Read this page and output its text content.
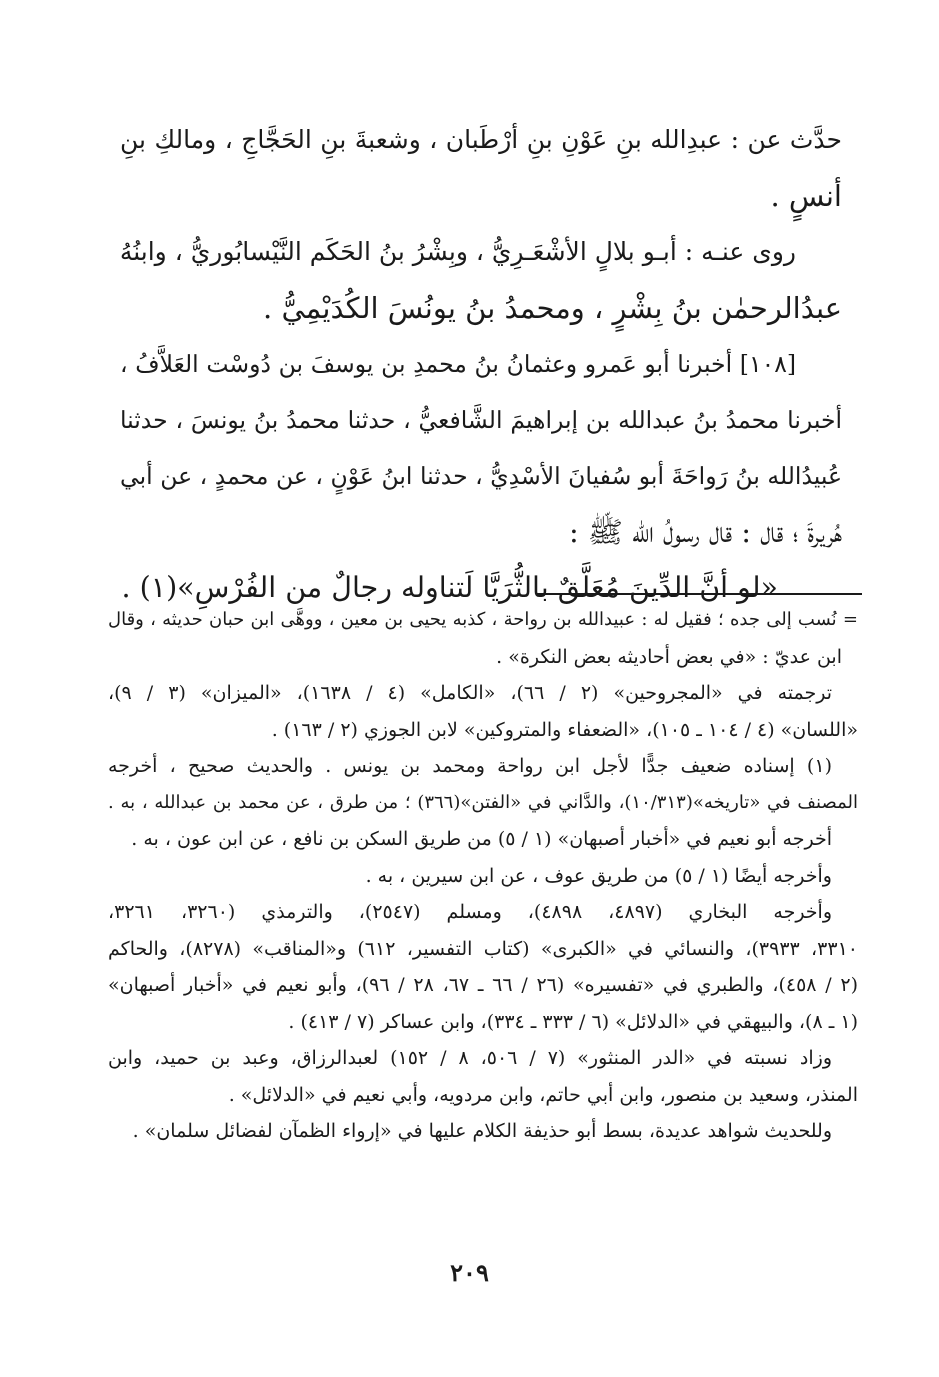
حدَّث عن : عبدِالله بنِ عَوْنِ بنِ أرْطَبان ، وشعبةَ بنِ الحَجَّاجِ ، ومالكِ بنِ
أنسٍ .
روى عنـه : أبـو بلالٍ الأشْعَـرِيُّ ، وبِشْرُ بنُ الحَكَم النَّيْسابُوريُّ ، وابنُهُ
عبدُالرحمٰن بنُ بِشْرٍ ، ومحمدُ بنُ يونُسَ الكُدَيْمِيُّ .
[١٠٨] أخبرنا أبو عَمرو وعثمانُ بنُ محمدِ بن يوسفَ بن دُوسْت العَلاَّفُ ،
أخبرنا محمدُ بنُ عبدالله بن إبراهيمَ الشَّافعيُّ ، حدثنا محمدُ بنُ يونسَ ، حدثنا
عُبيدُالله بنُ رَواحَةَ أبو سُفيانَ الأسْدِيُّ ، حدثنا ابنُ عَوْنٍ ، عن محمدٍ ، عن أبي
هُريرةَ ؛ قال : قال رسولُ الله ﷺ :
«لو أنَّ الدِّينَ مُعَلَّقٌ بالثُّرَيَّا لَتناوله رجالٌ من الفُرْسِ»(١) .
= نُسب إلى جده ؛ فقيل له : عبيدالله بن رواحة ، كذبه يحيى بن معين ، ووهَّى ابن حبان حديثه ، وقال
ابن عديّ : «في بعض أحاديثه بعض النكرة» .
ترجمته في «المجروحين» (٢ / ٦٦)، «الكامل» (٤ / ١٦٣٨)، «الميزان» (٣ / ٩)،
«اللسان» (٤ / ١٠٤ ـ ١٠٥)، «الضعفاء والمتروكين» لابن الجوزي (٢ / ١٦٣) .
(١) إسناده ضعيف جدًّا لأجل ابن رواحة ومحمد بن يونس . والحديث صحيح ، أخرجه
المصنف في «تاريخه»(١٠/٣١٣)، والدَّاني في «الفتن»(٣٦٦) ؛ من طرق ، عن محمد بن عبدالله ، به .
أخرجه أبو نعيم في «أخبار أصبهان» (١ / ٥) من طريق السكن بن نافع ، عن ابن عون ، به .
وأخرجه أيضًا (١ / ٥) من طريق عوف ، عن ابن سيرين ، به .
وأخرجه البخاري (٤٨٩٧، ٤٨٩٨)، ومسلم (٢٥٤٧)، والترمذي (٣٢٦٠، ٣٢٦١،
٣٣١٠، ٣٩٣٣)، والنسائي في «الكبرى» (كتاب التفسير، ٦١٢) و«المناقب» (٨٢٧٨)، والحاكم
(٢ / ٤٥٨)، والطبري في «تفسيره» (٢٦ / ٦٦ ـ ٦٧، ٢٨ / ٩٦)، وأبو نعيم في «أخبار أصبهان»
(١ ـ ٨)، والبيهقي في «الدلائل» (٦ / ٣٣٣ ـ ٣٣٤)، وابن عساكر (٧ / ٤١٣) .
وزاد نسبته في «الدر المنثور» (٧ / ٥٠٦، ٨ / ١٥٢) لعبدالرزاق، وعبد بن حميد، وابن
المنذر، وسعيد بن منصور، وابن أبي حاتم، وابن مردويه، وأبي نعيم في «الدلائل» .
وللحديث شواهد عديدة، بسط أبو حذيفة الكلام عليها في «إرواء الظمآن لفضائل سلمان» .
٢٠٩
